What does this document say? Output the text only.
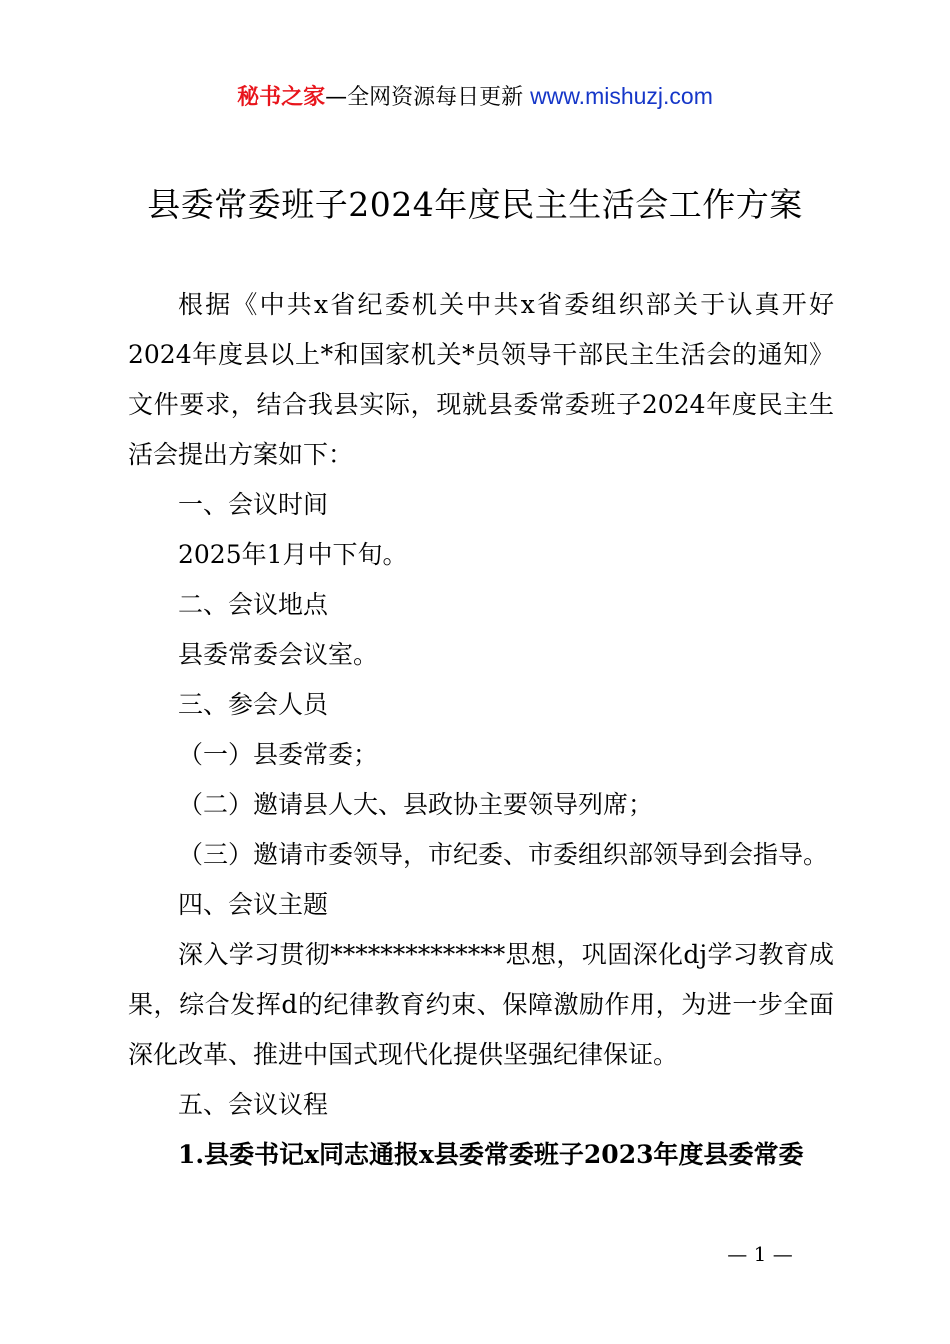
秘书之家—全网资源每日更新 www.mishuzj.com
县委常委班子2024年度民主生活会工作方案

根据《中共x省纪委机关中共x省委组织部关于认真开好2024年度县以上*和国家机关*员领导干部民主生活会的通知》文件要求，结合我县实际，现就县委常委班子2024年度民主生活会提出方案如下：

一、会议时间

2025年1月中下旬。

二、会议地点

县委常委会议室。

三、参会人员

（一）县委常委；

（二）邀请县人大、县政协主要领导列席；

（三）邀请市委领导，市纪委、市委组织部领导到会指导。

四、会议主题

深入学习贯彻**************思想，巩固深化dj学习教育成果，综合发挥d的纪律教育约束、保障激励作用，为进一步全面深化改革、推进中国式现代化提供坚强纪律保证。

五、会议议程

1.县委书记x同志通报x县委常委班子2023年度县委常委

— 1 —
